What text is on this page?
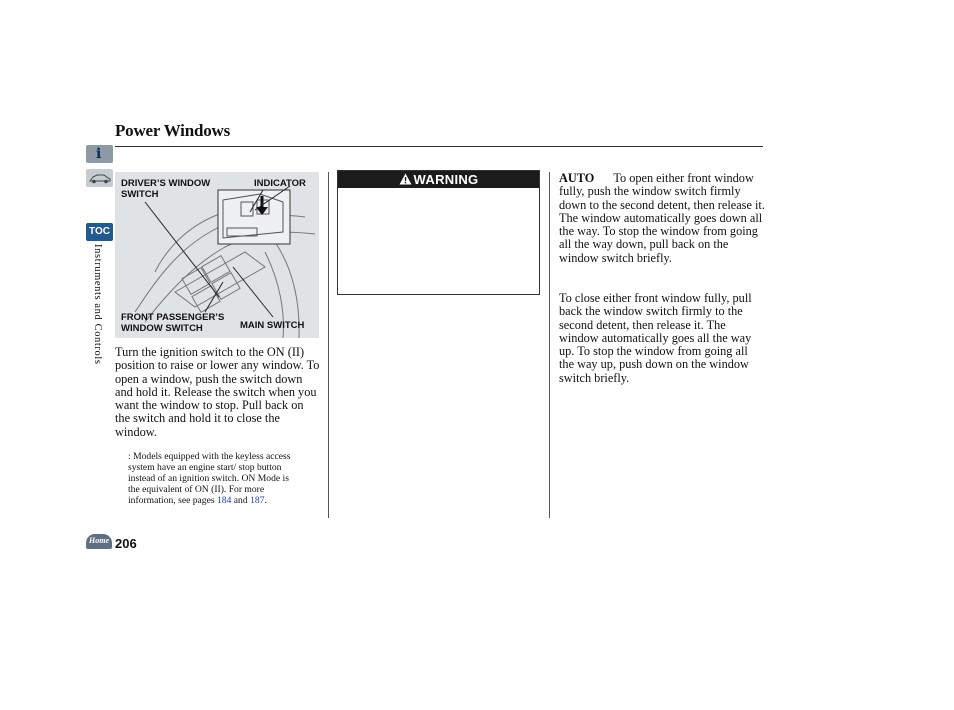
Power Windows
i
TOC
Instruments and Controls
DRIVER’S WINDOW SWITCH
INDICATOR
FRONT PASSENGER’S WINDOW SWITCH	MAIN SWITCH
Turn the ignition switch to the ON (II) position to raise or lower any window. To open a window, push the switch down and hold it. Release the switch when you want the window to stop. Pull back on the switch and hold it to close the window.
: Models equipped with the keyless access system have an engine start/ stop button instead of an ignition switch. ON Mode is the equivalent of ON (II). For more information, see pages 184 and 187.
WARNING	AUTO To open either front window fully, push the window switch firmly down to the second detent, then release it. The window automatically goes down all the way. To stop the window from going all the way down, pull back on the window switch briefly.
To close either front window fully, pull back the window switch firmly to the second detent, then release it. The window automatically goes all the way up. To stop the window from going all the way up, push down on the window switch briefly.
Home 206
